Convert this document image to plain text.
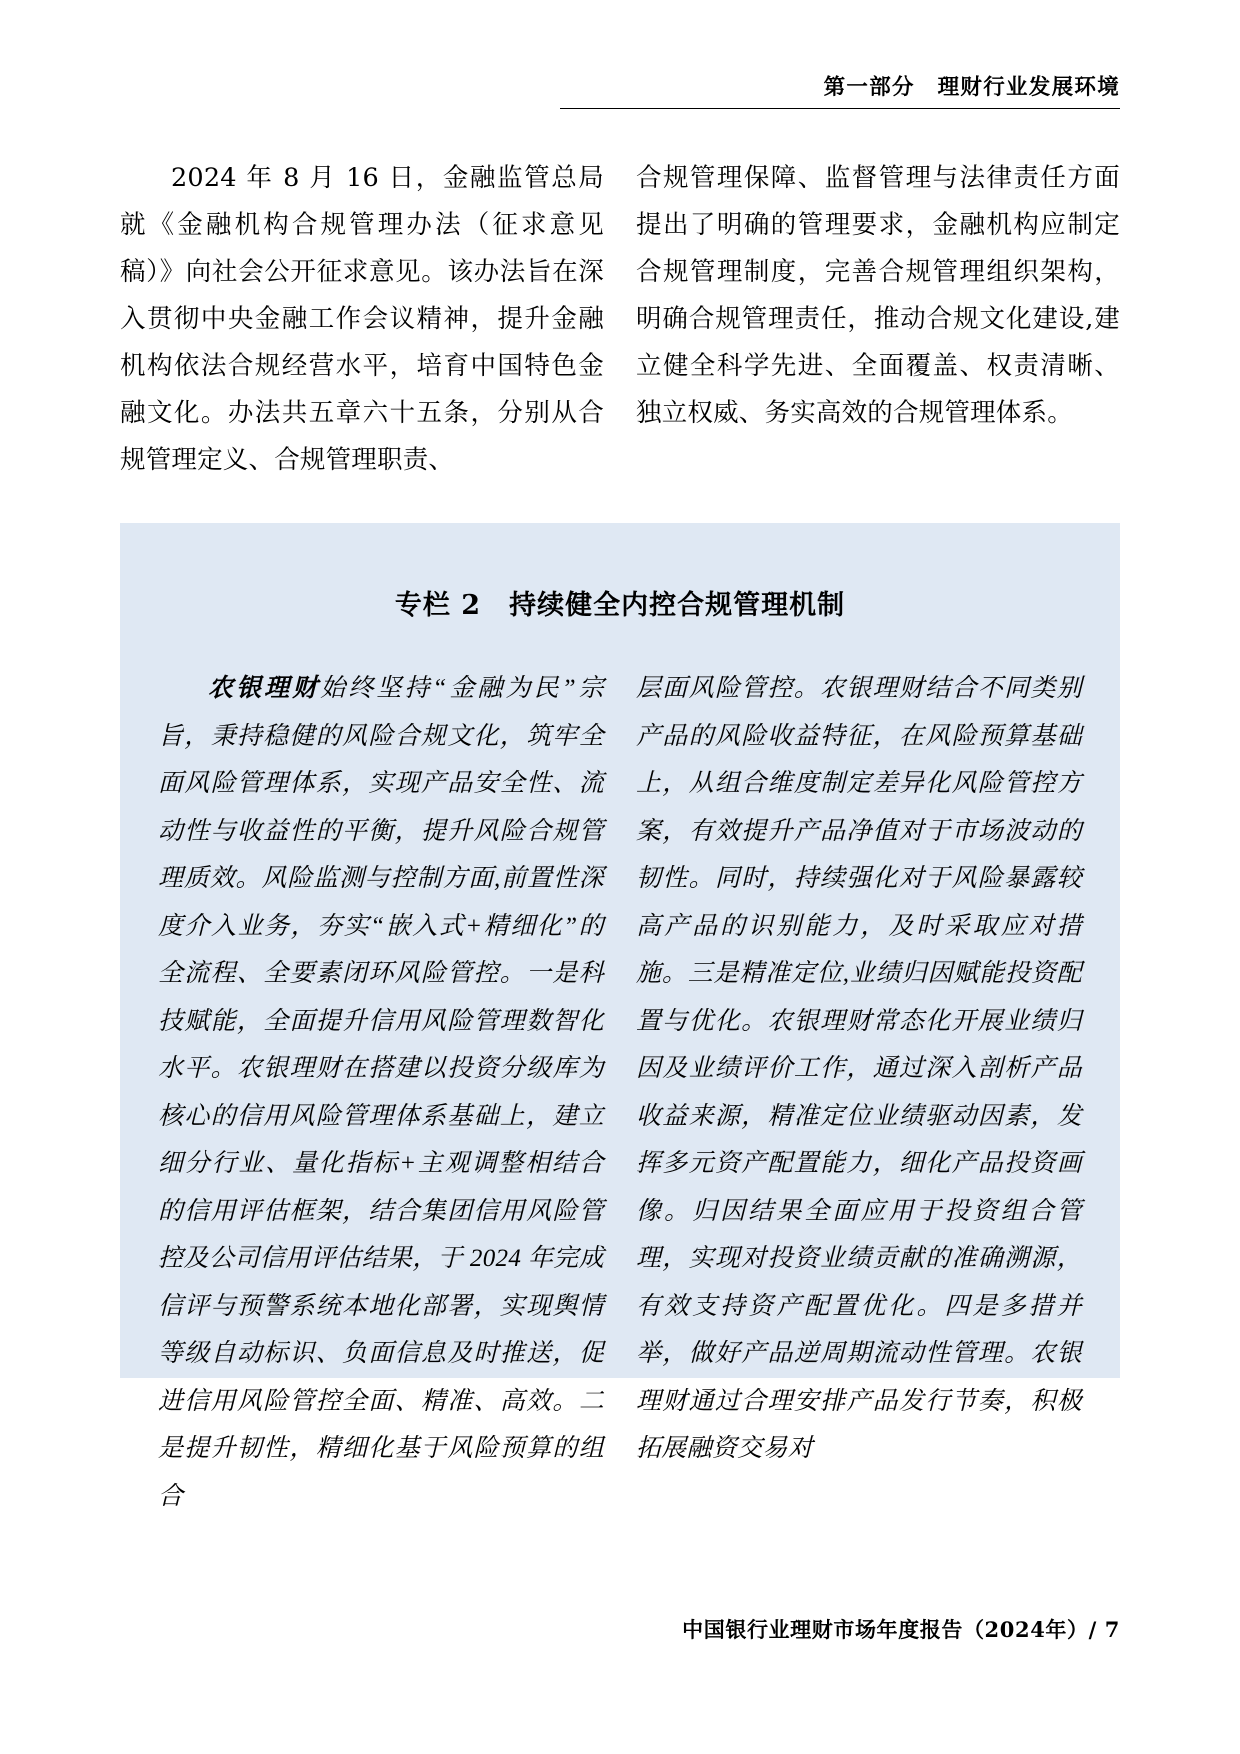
第一部分　理财行业发展环境

2024 年 8 月 16 日，金融监管总局就《金融机构合规管理办法（征求意见稿）》向社会公开征求意见。该办法旨在深入贯彻中央金融工作会议精神，提升金融机构依法合规经营水平，培育中国特色金融文化。办法共五章六十五条，分别从合规管理定义、合规管理职责、

合规管理保障、监督管理与法律责任方面提出了明确的管理要求，金融机构应制定合规管理制度，完善合规管理组织架构，明确合规管理责任，推动合规文化建设,建立健全科学先进、全面覆盖、权责清晰、独立权威、务实高效的合规管理体系。

专栏 2　持续健全内控合规管理机制

农银理财始终坚持“金融为民”宗旨，秉持稳健的风险合规文化，筑牢全面风险管理体系，实现产品安全性、流动性与收益性的平衡，提升风险合规管理质效。风险监测与控制方面,前置性深度介入业务，夯实“嵌入式+精细化”的全流程、全要素闭环风险管控。一是科技赋能，全面提升信用风险管理数智化水平。农银理财在搭建以投资分级库为核心的信用风险管理体系基础上，建立细分行业、量化指标+主观调整相结合的信用评估框架，结合集团信用风险管控及公司信用评估结果，于 2024 年完成信评与预警系统本地化部署，实现舆情等级自动标识、负面信息及时推送，促进信用风险管控全面、精准、高效。二是提升韧性，精细化基于风险预算的组合

层面风险管控。农银理财结合不同类别产品的风险收益特征，在风险预算基础上，从组合维度制定差异化风险管控方案，有效提升产品净值对于市场波动的韧性。同时，持续强化对于风险暴露较高产品的识别能力，及时采取应对措施。三是精准定位,业绩归因赋能投资配置与优化。农银理财常态化开展业绩归因及业绩评价工作，通过深入剖析产品收益来源，精准定位业绩驱动因素，发挥多元资产配置能力，细化产品投资画像。归因结果全面应用于投资组合管理，实现对投资业绩贡献的准确溯源，有效支持资产配置优化。四是多措并举，做好产品逆周期流动性管理。农银理财通过合理安排产品发行节奏，积极拓展融资交易对

中国银行业理财市场年度报告（2024年）/ 7
